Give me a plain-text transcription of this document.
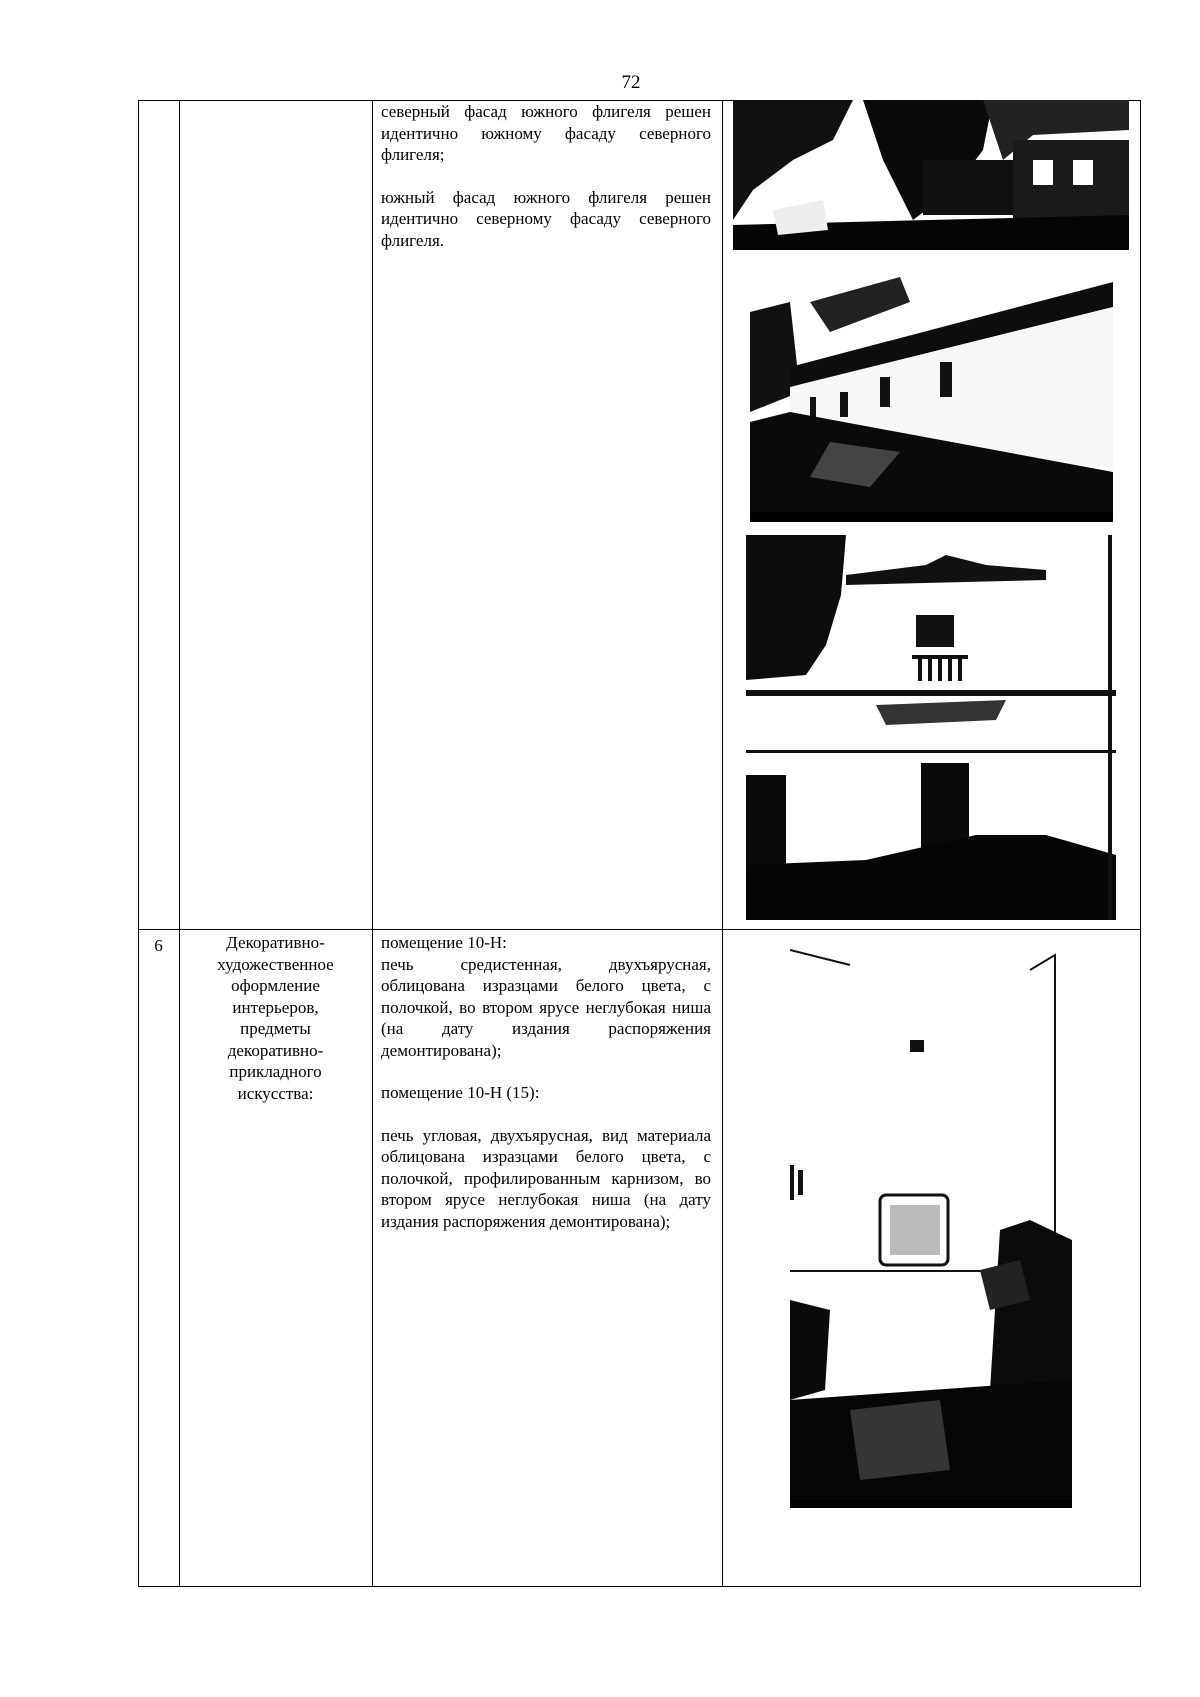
72

северный фасад южного флигеля решен идентично южному фасаду северного флигеля;

южный фасад южного флигеля решен идентично северному фасаду северного флигеля.

6	Декоративно-
художественное
оформление
интерьеров,
предметы
декоративно-
прикладного
искусства:

помещение 10-Н:

печь средистенная, двухъярусная, облицована изразцами белого цвета, с полочкой, во втором ярусе неглубокая ниша (на дату издания распоряжения демонтирована);

помещение 10-Н (15):

печь угловая, двухъярусная, вид материала облицована изразцами белого цвета, с полочкой, профилированным карнизом, во втором ярусе неглубокая ниша (на дату издания распоряжения демонтирована);
